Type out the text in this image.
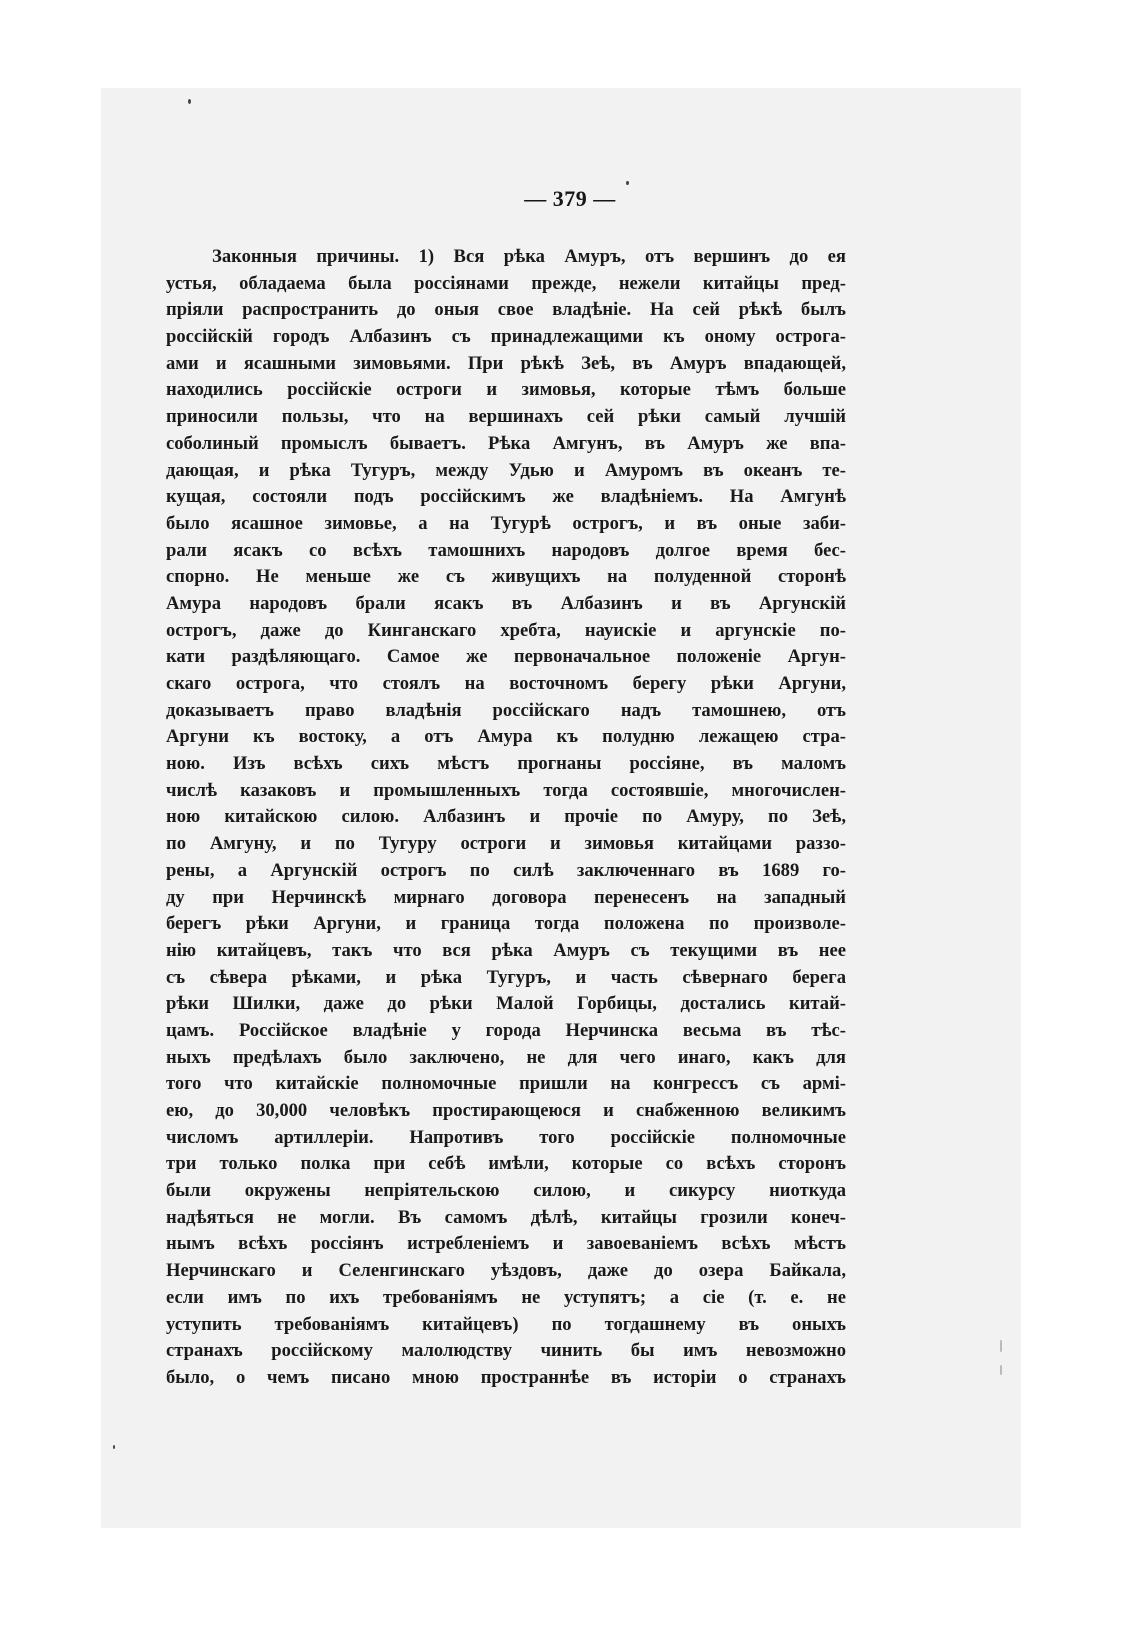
— 379 —
Законныя причины. 1) Вся рѣка Амуръ, отъ вершинъ до ея
устья, обладаема была россіянами прежде, нежели китайцы пред-
пріяли распространить до оныя свое владѣніе. На сей рѣкѣ былъ
россійскій городъ Албазинъ съ принадлежащими къ оному острога-
ами и ясашными зимовьями. При рѣкѣ Зеѣ, въ Амуръ впадающей,
находились россійскіе остроги и зимовья, которые тѣмъ больше
приносили пользы, что на вершинахъ сей рѣки самый лучшій
соболиный промыслъ бываетъ. Рѣка Амгунъ, въ Амуръ же впа-
дающая, и рѣка Тугуръ, между Удью и Амуромъ въ океанъ те-
кущая, состояли подъ россійскимъ же владѣніемъ. На Амгунѣ
было ясашное зимовье, а на Тугурѣ острогъ, и въ оные заби-
рали ясакъ со всѣхъ тамошнихъ народовъ долгое время бес-
спорно. Не меньше же съ живущихъ на полуденной сторонѣ
Амура народовъ брали ясакъ въ Албазинъ и въ Аргунскій
острогъ, даже до Кинганскаго хребта, науискіе и аргунскіе по-
кати раздѣляющаго. Самое же первоначальное положеніе Аргун-
скаго острога, что стоялъ на восточномъ берегу рѣки Аргуни,
доказываетъ право владѣнія россійскаго надъ тамошнею, отъ
Аргуни къ востоку, а отъ Амура къ полудню лежащею стра-
ною. Изъ всѣхъ сихъ мѣстъ прогнаны россіяне, въ маломъ
числѣ казаковъ и промышленныхъ тогда состоявшіе, многочислен-
ною китайскою силою. Албазинъ и прочіе по Амуру, по Зеѣ,
по Амгуну, и по Тугуру остроги и зимовья китайцами раззо-
рены, а Аргунскій острогъ по силѣ заключеннаго въ 1689 го-
ду при Нерчинскѣ мирнаго договора перенесенъ на западный
берегъ рѣки Аргуни, и граница тогда положена по произволе-
нію китайцевъ, такъ что вся рѣка Амуръ съ текущими въ нее
съ сѣвера рѣками, и рѣка Тугуръ, и часть сѣвернаго берега
рѣки Шилки, даже до рѣки Малой Горбицы, достались китай-
цамъ. Россійское владѣніе у города Нерчинска весьма въ тѣс-
ныхъ предѣлахъ было заключено, не для чего инаго, какъ для
того что китайскіе полномочные пришли на конгрессъ съ армі-
ею, до 30,000 человѣкъ простирающеюся и снабженною великимъ
числомъ артиллеріи. Напротивъ того россійскіе полномочные
три только полка при себѣ имѣли, которые со всѣхъ сторонъ
были окружены непріятельскою силою, и сикурсу ниоткуда
надѣяться не могли. Въ самомъ дѣлѣ, китайцы грозили конеч-
нымъ всѣхъ россіянъ истребленіемъ и завоеваніемъ всѣхъ мѣстъ
Нерчинскаго и Селенгинскаго уѣздовъ, даже до озера Байкала,
если имъ по ихъ требованіямъ не уступятъ; а сіе (т. е. не
уступить требованіямъ китайцевъ) по тогдашнему въ оныхъ
странахъ россійскому малолюдству чинить бы имъ невозможно
было, о чемъ писано мною пространнѣе въ исторіи о странахъ
